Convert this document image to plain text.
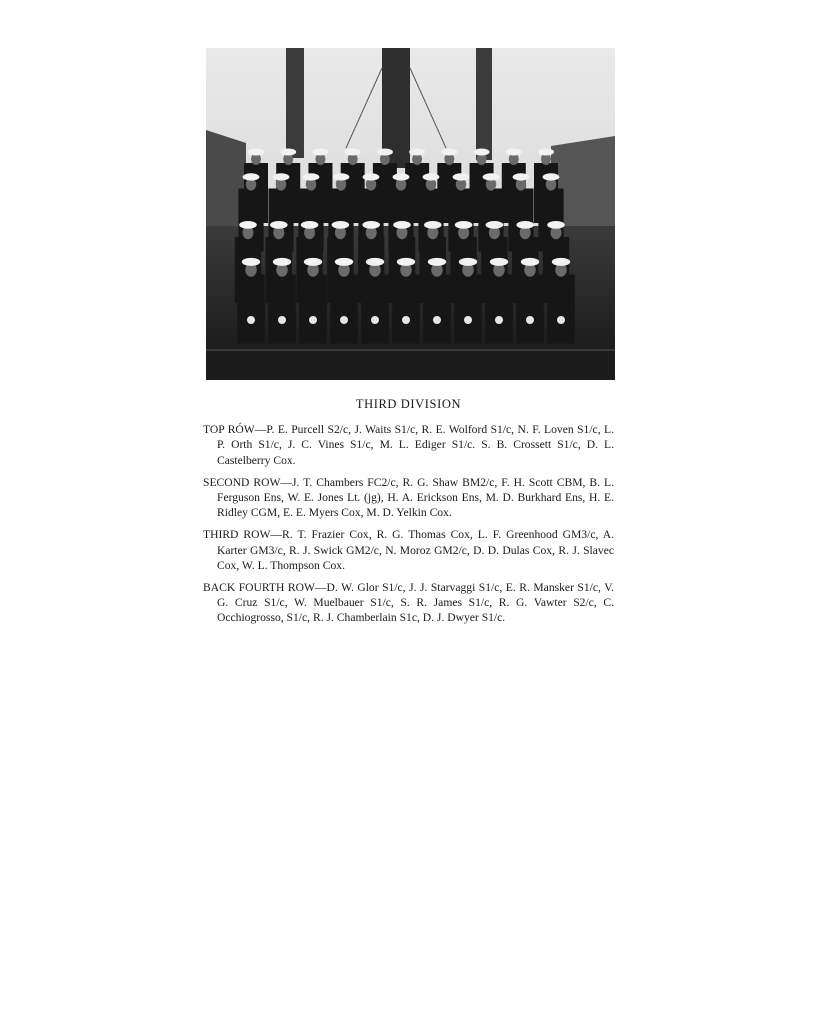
THIRD DIVISION

TOP RÓW—P. E. Purcell S2/c, J. Waits S1/c, R. E. Wolford S1/c, N. F. Loven S1/c, L. P. Orth S1/c, J. C. Vines S1/c, M. L. Ediger S1/c. S. B. Crossett S1/c, D. L. Castelberry Cox.

SECOND ROW—J. T. Chambers FC2/c, R. G. Shaw BM2/c, F. H. Scott CBM, B. L. Ferguson Ens, W. E. Jones Lt. (jg), H. A. Erickson Ens, M. D. Burkhard Ens, H. E. Ridley CGM, E. E. Myers Cox, M. D. Yelkin Cox.

THIRD ROW—R. T. Frazier Cox, R. G. Thomas Cox, L. F. Greenhood GM3/c, A. Karter GM3/c, R. J. Swick GM2/c, N. Moroz GM2/c, D. D. Dulas Cox, R. J. Slavec Cox, W. L. Thompson Cox.

BACK FOURTH ROW—D. W. Glor S1/c, J. J. Starvaggi S1/c, E. R. Mansker S1/c, V. G. Cruz S1/c, W. Muelbauer S1/c, S. R. James S1/c, R. G. Vawter S2/c, C. Occhiogrosso, S1/c, R. J. Chamberlain S1c, D. J. Dwyer S1/c.
